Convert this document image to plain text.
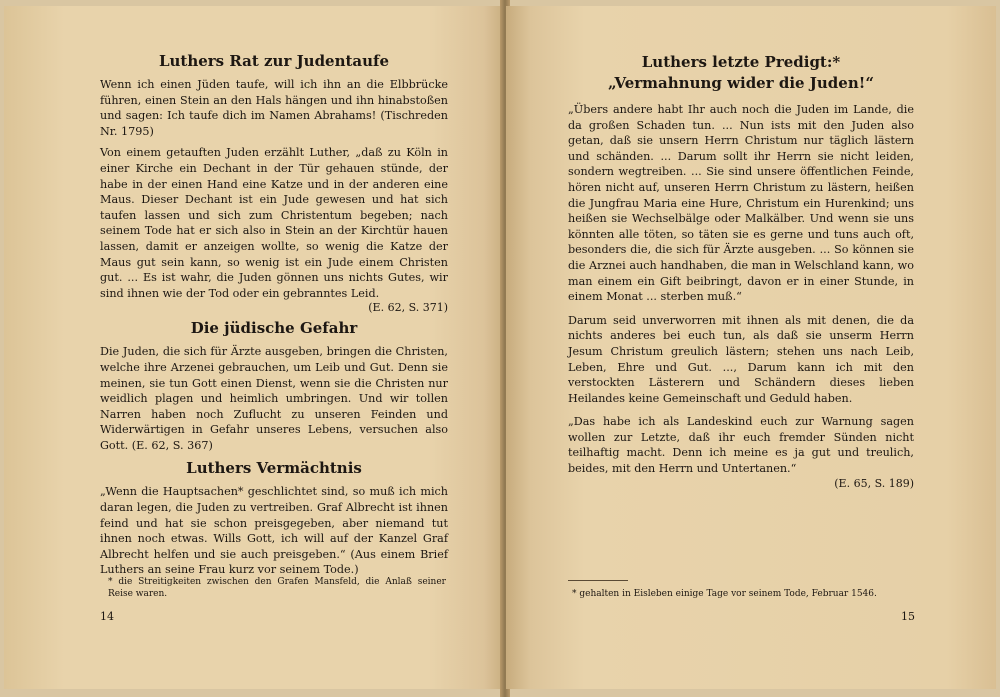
Luthers Rat zur Judentaufe

Wenn ich einen Jüden taufe, will ich ihn an die Elbbrücke führen, einen Stein an den Hals hängen und ihn hinabstoßen und sagen: Ich taufe dich im Namen Abrahams! (Tischreden Nr. 1795)

Von einem getauften Juden erzählt Luther, „daß zu Köln in einer Kirche ein Dechant in der Tür gehauen stünde, der habe in der einen Hand eine Katze und in der anderen eine Maus. Dieser Dechant ist ein Jude gewesen und hat sich taufen lassen und sich zum Christentum begeben; nach seinem Tode hat er sich also in Stein an der Kirchtür hauen lassen, damit er anzeigen wollte, so wenig die Katze der Maus gut sein kann, so wenig ist ein Jude einem Christen gut. ... Es ist wahr, die Juden gönnen uns nichts Gutes, wir sind ihnen wie der Tod oder ein gebranntes Leid.

(E. 62, S. 371)
Die jüdische Gefahr

Die Juden, die sich für Ärzte ausgeben, bringen die Christen, welche ihre Arzenei gebrauchen, um Leib und Gut. Denn sie meinen, sie tun Gott einen Dienst, wenn sie die Christen nur weidlich plagen und heimlich umbringen. Und wir tollen Narren haben noch Zuflucht zu unseren Feinden und Widerwärtigen in Gefahr unseres Lebens, versuchen also Gott. (E. 62, S. 367)

Luthers Vermächtnis

„Wenn die Hauptsachen* geschlichtet sind, so muß ich mich daran legen, die Juden zu vertreiben. Graf Albrecht ist ihnen feind und hat sie schon preisgegeben, aber niemand tut ihnen noch etwas. Wills Gott, ich will auf der Kanzel Graf Albrecht helfen und sie auch preisgeben.“ (Aus einem Brief Luthers an seine Frau kurz vor seinem Tode.)

* die Streitigkeiten zwischen den Grafen Mansfeld, die Anlaß seiner Reise waren.

14
Luthers letzte Predigt:*
„Vermahnung wider die Juden!“

„Übers andere habt Ihr auch noch die Juden im Lande, die da großen Schaden tun. ... Nun ists mit den Juden also getan, daß sie unsern Herrn Christum nur täglich lästern und schänden. ... Darum sollt ihr Herrn sie nicht leiden, sondern wegtreiben. ... Sie sind unsere öffentlichen Feinde, hören nicht auf, unseren Herrn Christum zu lästern, heißen die Jungfrau Maria eine Hure, Christum ein Hurenkind; uns heißen sie Wechselbälge oder Malkälber. Und wenn sie uns könnten alle töten, so täten sie es gerne und tuns auch oft, besonders die, die sich für Ärzte ausgeben. ... So können sie die Arznei auch handhaben, die man in Welschland kann, wo man einem ein Gift beibringt, davon er in einer Stunde, in einem Monat ... sterben muß.“

Darum seid unverworren mit ihnen als mit denen, die da nichts anderes bei euch tun, als daß sie unserm Herrn Jesum Christum greulich lästern; stehen uns nach Leib, Leben, Ehre und Gut. ..., Darum kann ich mit den verstockten Lästerern und Schändern dieses lieben Heilandes keine Gemeinschaft und Geduld haben.

„Das habe ich als Landeskind euch zur Warnung sagen wollen zur Letzte, daß ihr euch fremder Sünden nicht teilhaftig macht. Denn ich meine es ja gut und treulich, beides, mit den Herrn und Untertanen.“

(E. 65, S. 189)

* gehalten in Eisleben einige Tage vor seinem Tode, Februar 1546.

15
